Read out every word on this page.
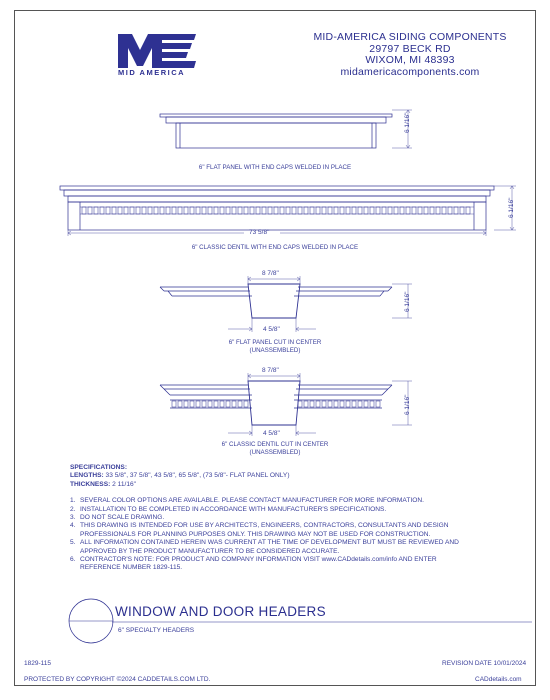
MID AMERICA
MID-AMERICA SIDING COMPONENTS
29797 BECK RD
WIXOM, MI 48393
midamericacomponents.com
6 1/16"
6" FLAT PANEL WITH END CAPS WELDED IN PLACE
6 1/16"
73 5/8"
6" CLASSIC DENTIL WITH END CAPS WELDED IN PLACE
8 7/8"
4 5/8"
6 1/16"
6" FLAT PANEL CUT IN CENTER
(UNASSEMBLED)
8 7/8"
4 5/8"
6 1/16"
6" CLASSIC DENTIL CUT IN CENTER
(UNASSEMBLED)
SPECIFICATIONS:
LENGTHS: 33 5/8", 37 5/8", 43 5/8", 65 5/8", (73 5/8"- FLAT PANEL ONLY)
THICKNESS: 2 11/16"
1. SEVERAL COLOR OPTIONS ARE AVAILABLE. PLEASE CONTACT MANUFACTURER FOR MORE INFORMATION.
2. INSTALLATION TO BE COMPLETED IN ACCORDANCE WITH MANUFACTURER'S SPECIFICATIONS.
3. DO NOT SCALE DRAWING.
4. THIS DRAWING IS INTENDED FOR USE BY ARCHITECTS, ENGINEERS, CONTRACTORS, CONSULTANTS AND DESIGN
PROFESSIONALS FOR PLANNING PURPOSES ONLY. THIS DRAWING MAY NOT BE USED FOR CONSTRUCTION.
5. ALL INFORMATION CONTAINED HEREIN WAS CURRENT AT THE TIME OF DEVELOPMENT BUT MUST BE REVIEWED AND
APPROVED BY THE PRODUCT MANUFACTURER TO BE CONSIDERED ACCURATE.
6. CONTRACTOR'S NOTE: FOR PRODUCT AND COMPANY INFORMATION VISIT www.CADdetails.com/info AND ENTER
REFERENCE NUMBER 1829-115.
WINDOW AND DOOR HEADERS
6" SPECIALTY HEADERS
1829-115	REVISION DATE 10/01/2024
PROTECTED BY COPYRIGHT ©2024 CADDETAILS.COM LTD.	CADdetails.com
